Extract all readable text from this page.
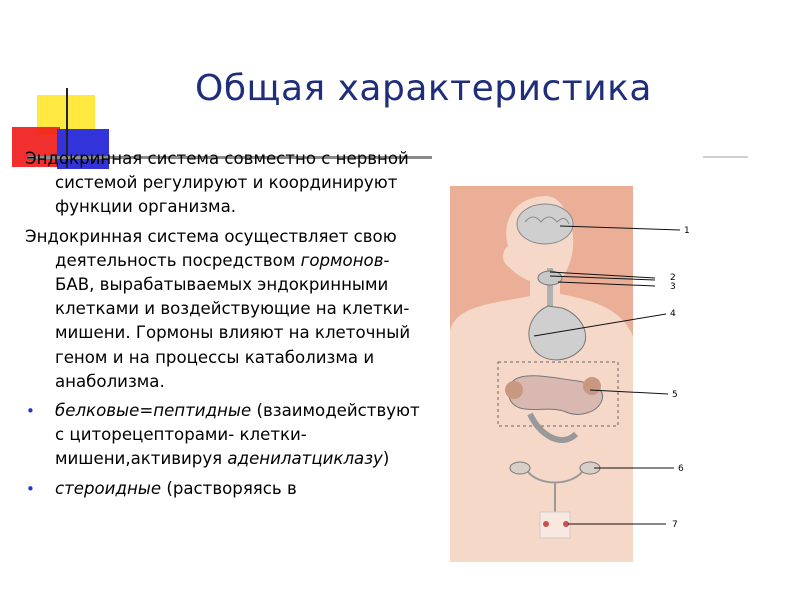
Общая характеристика

Эндокринная система совместно с нервной системой регулируют и координируют функции организма.

Эндокринная система осуществляет свою деятельность посредством гормонов-БАВ, вырабатываемых эндокринными клетками и воздействующие на клетки-мишени. Гормоны влияют на клеточный геном и на процессы катаболизма и анаболизма.

• белковые=пептидные (взаимодействуют с циторецепторами- клетки-мишени,активируя аденилатциклазу)
• стероидные (растворяясь в
1
2
3
4
5
6
7
